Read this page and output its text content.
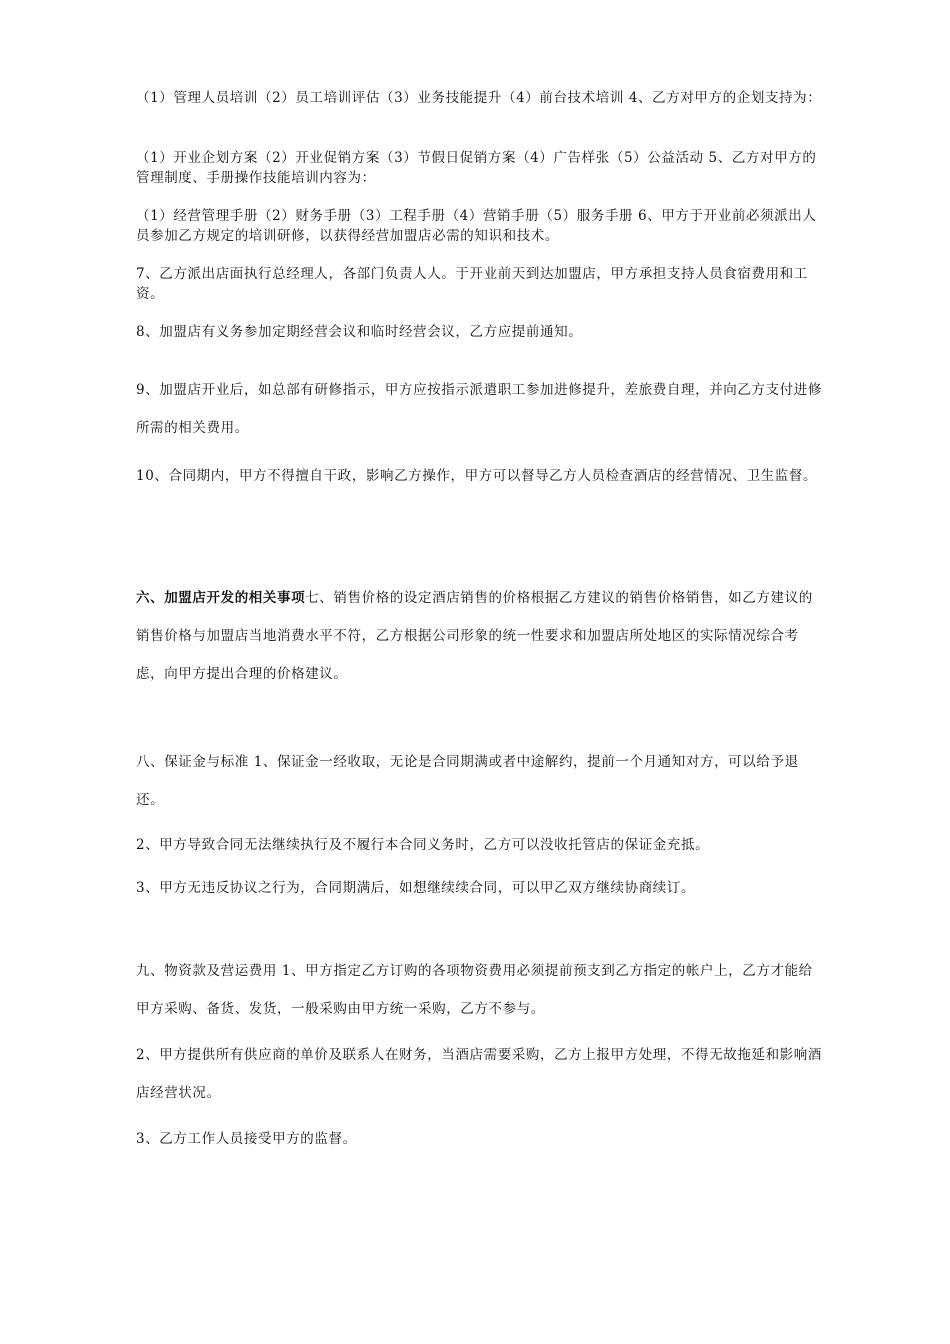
（1）管理人员培训（2）员工培训评估（3）业务技能提升（4）前台技术培训 4、乙方对甲方的企划支持为：

（1）开业企划方案（2）开业促销方案（3）节假日促销方案（4）广告样张（5）公益活动 5、乙方对甲方的管理制度、手册操作技能培训内容为：

（1）经营管理手册（2）财务手册（3）工程手册（4）营销手册（5）服务手册 6、甲方于开业前必须派出人员参加乙方规定的培训研修，以获得经营加盟店必需的知识和技术。

7、乙方派出店面执行总经理人，各部门负责人人。于开业前天到达加盟店，甲方承担支持人员食宿费用和工资。

8、加盟店有义务参加定期经营会议和临时经营会议，乙方应提前通知。

9、加盟店开业后，如总部有研修指示，甲方应按指示派遣职工参加进修提升，差旅费自理，并向乙方支付进修所需的相关费用。

10、合同期内，甲方不得擅自干政，影响乙方操作，甲方可以督导乙方人员检查酒店的经营情况、卫生监督。

六、加盟店开发的相关事项七、销售价格的设定酒店销售的价格根据乙方建议的销售价格销售，如乙方建议的销售价格与加盟店当地消费水平不符，乙方根据公司形象的统一性要求和加盟店所处地区的实际情况综合考虑，向甲方提出合理的价格建议。

八、保证金与标准 1、保证金一经收取，无论是合同期满或者中途解约，提前一个月通知对方，可以给予退还。

2、甲方导致合同无法继续执行及不履行本合同义务时，乙方可以没收托管店的保证金充抵。

3、甲方无违反协议之行为，合同期满后，如想继续续合同，可以甲乙双方继续协商续订。

九、物资款及营运费用 1、甲方指定乙方订购的各项物资费用必须提前预支到乙方指定的帐户上，乙方才能给甲方采购、备货、发货，一般采购由甲方统一采购，乙方不参与。

2、甲方提供所有供应商的单价及联系人在财务，当酒店需要采购，乙方上报甲方处理，不得无故拖延和影响酒店经营状况。

3、乙方工作人员接受甲方的监督。
